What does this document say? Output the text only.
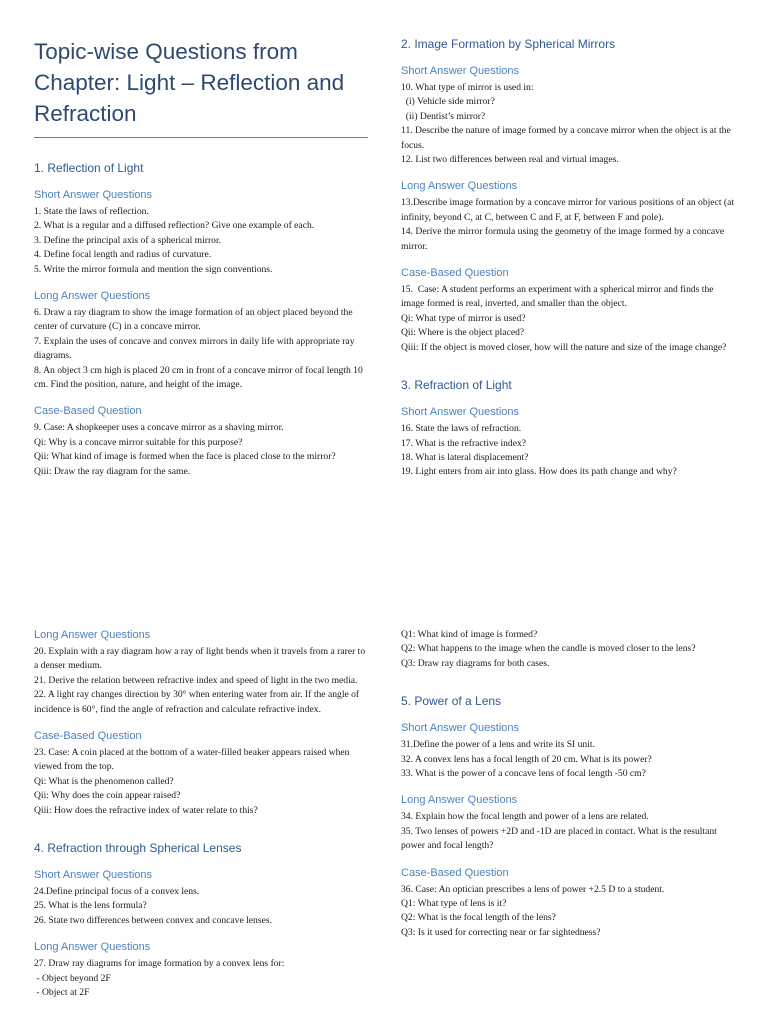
Topic-wise Questions from Chapter: Light – Reflection and Refraction
1. Reflection of Light
Short Answer Questions

1. State the laws of reflection.

2. What is a regular and a diffused reflection? Give one example of each.

3. Define the principal axis of a spherical mirror.

4. Define focal length and radius of curvature.

5. Write the mirror formula and mention the sign conventions.

Long Answer Questions

6. Draw a ray diagram to show the image formation of an object placed beyond the center of curvature (C) in a concave mirror.

7. Explain the uses of concave and convex mirrors in daily life with appropriate ray diagrams.

8. An object 3 cm high is placed 20 cm in front of a concave mirror of focal length 10 cm. Find the position, nature, and height of the image.

Case-Based Question

9. Case: A shopkeeper uses a concave mirror as a shaving mirror.

Qi: Why is a concave mirror suitable for this purpose?

Qii: What kind of image is formed when the face is placed close to the mirror?

Qiii: Draw the ray diagram for the same.

2. Image Formation by Spherical Mirrors
Short Answer Questions

10. What type of mirror is used in:

(i) Vehicle side mirror?

(ii) Dentist’s mirror?

11. Describe the nature of image formed by a concave mirror when the object is at the focus.

12. List two differences between real and virtual images.

Long Answer Questions

13.Describe image formation by a concave mirror for various positions of an object (at infinity, beyond C, at C, between C and F, at F, between F and pole).

14. Derive the mirror formula using the geometry of the image formed by a concave mirror.

Case-Based Question

15.  Case: A student performs an experiment with a spherical mirror and finds the image formed is real, inverted, and smaller than the object.

Qi: What type of mirror is used?

Qii: Where is the object placed?

Qiii: If the object is moved closer, how will the nature and size of the image change?

3. Refraction of Light
Short Answer Questions

16. State the laws of refraction.

17. What is the refractive index?

18. What is lateral displacement?

19. Light enters from air into glass. How does its path change and why?

Long Answer Questions

20. Explain with a ray diagram how a ray of light bends when it travels from a rarer to a denser medium.

21. Derive the relation between refractive index and speed of light in the two media.

22. A light ray changes direction by 30° when entering water from air. If the angle of incidence is 60°, find the angle of refraction and calculate refractive index.

Case-Based Question

23. Case: A coin placed at the bottom of a water-filled beaker appears raised when viewed from the top.

Qi: What is the phenomenon called?

Qii: Why does the coin appear raised?

Qiii: How does the refractive index of water relate to this?

4. Refraction through Spherical Lenses
Short Answer Questions

24.Define principal focus of a convex lens.

25. What is the lens formula?

26. State two differences between convex and concave lenses.

Long Answer Questions

27. Draw ray diagrams for image formation by a convex lens for:

- Object beyond 2F

- Object at 2F

Q1: What kind of image is formed?

Q2: What happens to the image when the candle is moved closer to the lens?

Q3: Draw ray diagrams for both cases.

5. Power of a Lens
Short Answer Questions

31.Define the power of a lens and write its SI unit.

32. A convex lens has a focal length of 20 cm. What is its power?

33. What is the power of a concave lens of focal length -50 cm?

Long Answer Questions

34. Explain how the focal length and power of a lens are related.

35. Two lenses of powers +2D and -1D are placed in contact. What is the resultant power and focal length?

Case-Based Question

36. Case: An optician prescribes a lens of power +2.5 D to a student.

Q1: What type of lens is it?

Q2: What is the focal length of the lens?

Q3: Is it used for correcting near or far sightedness?
